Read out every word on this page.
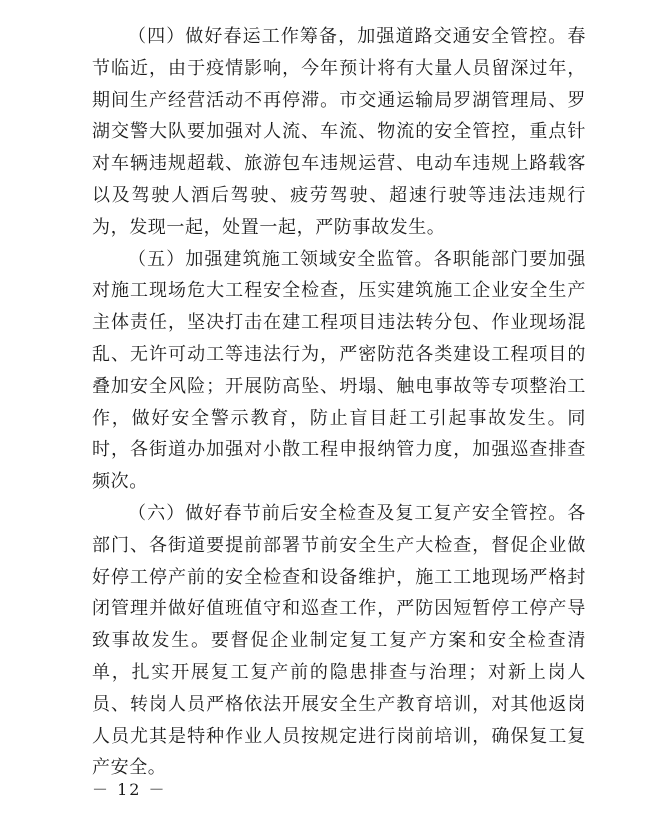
（四）做好春运工作筹备，加强道路交通安全管控。春节临近，由于疫情影响，今年预计将有大量人员留深过年，期间生产经营活动不再停滞。市交通运输局罗湖管理局、罗湖交警大队要加强对人流、车流、物流的安全管控，重点针对车辆违规超载、旅游包车违规运营、电动车违规上路载客以及驾驶人酒后驾驶、疲劳驾驶、超速行驶等违法违规行为，发现一起，处置一起，严防事故发生。

（五）加强建筑施工领域安全监管。各职能部门要加强对施工现场危大工程安全检查，压实建筑施工企业安全生产主体责任，坚决打击在建工程项目违法转分包、作业现场混乱、无许可动工等违法行为，严密防范各类建设工程项目的叠加安全风险；开展防高坠、坍塌、触电事故等专项整治工作，做好安全警示教育，防止盲目赶工引起事故发生。同时，各街道办加强对小散工程申报纳管力度，加强巡查排查频次。

（六）做好春节前后安全检查及复工复产安全管控。各部门、各街道要提前部署节前安全生产大检查，督促企业做好停工停产前的安全检查和设备维护，施工工地现场严格封闭管理并做好值班值守和巡查工作，严防因短暂停工停产导致事故发生。要督促企业制定复工复产方案和安全检查清单，扎实开展复工复产前的隐患排查与治理；对新上岗人员、转岗人员严格依法开展安全生产教育培训，对其他返岗人员尤其是特种作业人员按规定进行岗前培训，确保复工复产安全。

－ 12 －
